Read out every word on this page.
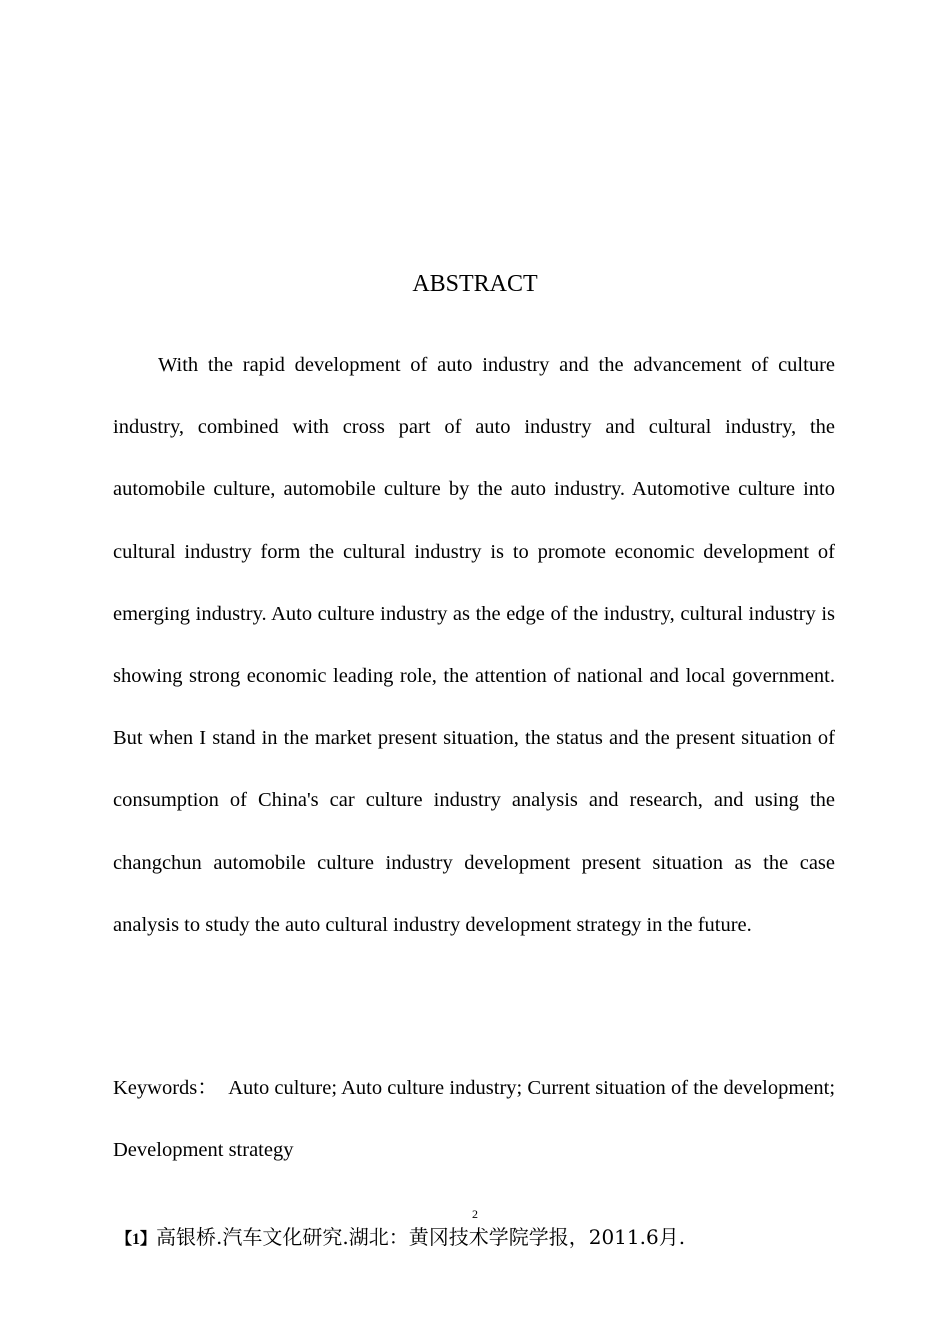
ABSTRACT

With the rapid development of auto industry and the advancement of culture industry, combined with cross part of auto industry and cultural industry, the automobile culture, automobile culture by the auto industry. Automotive culture into cultural industry form the cultural industry is to promote economic development of emerging industry. Auto culture industry as the edge of the industry, cultural industry is showing strong economic leading role, the attention of national and local government. But when I stand in the market present situation, the status and the present situation of consumption of China's car culture industry analysis and research, and using the changchun automobile culture industry development present situation as the case analysis to study the auto cultural industry development strategy in the future.

Keywords： Auto culture; Auto culture industry; Current situation of the development; Development strategy

2
【1】高银桥.汽车文化研究.湖北：黄冈技术学院学报，2011.6月.
